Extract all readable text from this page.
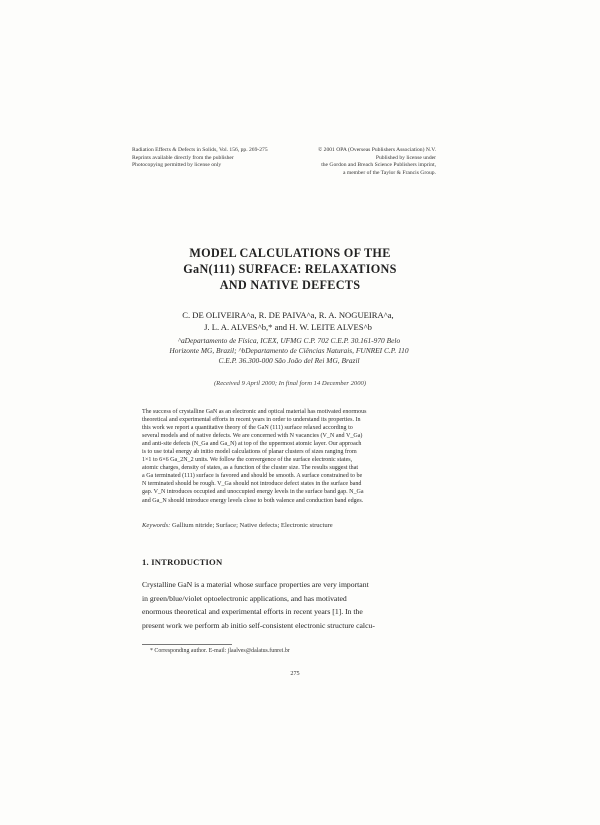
Radiation Effects & Defects in Solids, Vol. 156, pp. 269-275
Reprints available directly from the publisher
Photocopying permitted by license only
© 2001 OPA (Overseas Publishers Association) N.V.
Published by license under
the Gordon and Breach Science Publishers imprint,
a member of the Taylor & Francis Group.
MODEL CALCULATIONS OF THE
GaN(111) SURFACE: RELAXATIONS
AND NATIVE DEFECTS
C. DE OLIVEIRA^a, R. DE PAIVA^a, R. A. NOGUEIRA^a,
J. L. A. ALVES^b,* and H. W. LEITE ALVES^b
^aDepartamento de Física, ICEX, UFMG C.P. 702 C.E.P. 30.161-970 Belo
Horizonte MG, Brazil; ^bDepartamento de Ciências Naturais, FUNREI C.P. 110
C.E.P. 36.300-000 São João del Rei MG, Brazil
(Received 9 April 2000; In final form 14 December 2000)
The success of crystalline GaN as an electronic and optical material has motivated enormous
theoretical and experimental efforts in recent years in order to understand its properties. In
this work we report a quantitative theory of the GaN (111) surface relaxed according to
several models and of native defects. We are concerned with N vacancies (V_N and V_Ga)
and anti-site defects (N_Ga and Ga_N) at top of the uppermost atomic layer. Our approach
is to use total energy ab initio model calculations of planar clusters of sizes ranging from
1×1 to 6×6 Ga_2N_2 units. We follow the convergence of the surface electronic states,
atomic charges, density of states, as a function of the cluster size. The results suggest that
a Ga terminated (111) surface is favored and should be smooth. A surface constrained to be
N terminated should be rough. V_Ga should not introduce defect states in the surface band
gap. V_N introduces occupied and unoccupied energy levels in the surface band gap. N_Ga
and Ga_N should introduce energy levels close to both valence and conduction band edges.
Keywords: Gallium nitride; Surface; Native defects; Electronic structure
1. INTRODUCTION
Crystalline GaN is a material whose surface properties are very important
in green/blue/violet optoelectronic applications, and has motivated
enormous theoretical and experimental efforts in recent years [1]. In the
present work we perform ab initio self-consistent electronic structure calcu-
* Corresponding author. E-mail: jlaalves@dalatus.funrei.br
275
